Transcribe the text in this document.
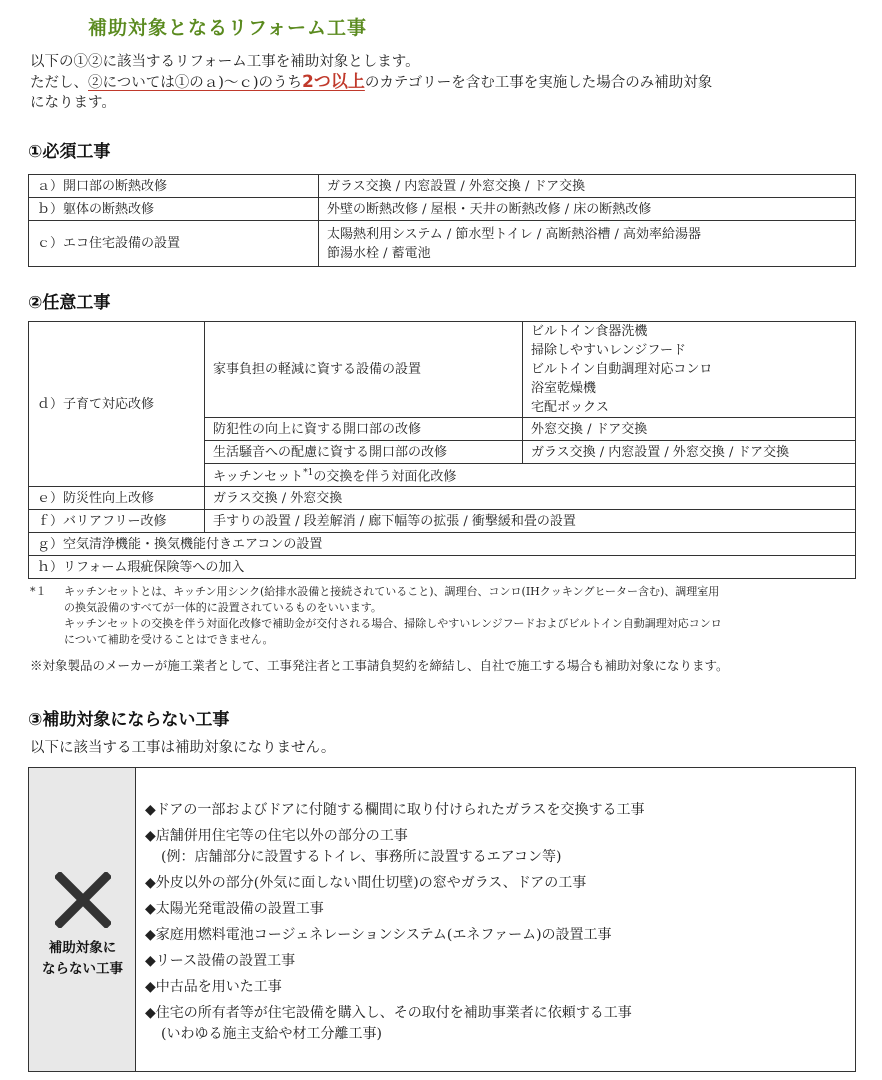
補助対象となるリフォーム工事
以下の①②に該当するリフォーム工事を補助対象とします。
ただし、②については①のａ)〜ｃ)のうち2つ以上のカテゴリーを含む工事を実施した場合のみ補助対象
になります。
①必須工事
ａ）開口部の断熱改修	ガラス交換 / 内窓設置 / 外窓交換 / ドア交換
ｂ）躯体の断熱改修	外壁の断熱改修 / 屋根・天井の断熱改修 / 床の断熱改修
ｃ）エコ住宅設備の設置	太陽熱利用システム / 節水型トイレ / 高断熱浴槽 / 高効率給湯器
節湯水栓 / 蓄電池
②任意工事
ｄ）子育て対応改修	家事負担の軽減に資する設備の設置	ビルトイン食器洗機
掃除しやすいレンジフード
ビルトイン自動調理対応コンロ
浴室乾燥機
宅配ボックス

	防犯性の向上に資する開口部の改修	外窓交換 / ドア交換
	生活騒音への配慮に資する開口部の改修	ガラス交換 / 内窓設置 / 外窓交換 / ドア交換
	キッチンセット$^{*1}$の交換を伴う対面化改修	
ｅ）防災性向上改修	ガラス交換 / 外窓交換	
ｆ）バリアフリー改修	手すりの設置 / 段差解消 / 廊下幅等の拡張 / 衝撃緩和畳の設置	
ｇ）空気清浄機能・換気機能付きエアコンの設置		
ｈ）リフォーム瑕疵保険等への加入		
*１ キッチンセットとは、キッチン用シンク(給排水設備と接続されていること)、調理台、コンロ(IHクッキングヒーター含む)、調理室用
の換気設備のすべてが一体的に設置されているものをいいます。
キッチンセットの交換を伴う対面化改修で補助金が交付される場合、掃除しやすいレンジフードおよびビルトイン自動調理対応コンロ
について補助を受けることはできません。
※対象製品のメーカーが施工業者として、工事発注者と工事請負契約を締結し、自社で施工する場合も補助対象になります。
③補助対象にならない工事
以下に該当する工事は補助対象になりません。
補助対象に
ならない工事
◆ドアの一部およびドアに付随する欄間に取り付けられたガラスを交換する工事
◆店舗併用住宅等の住宅以外の部分の工事
(例：店舗部分に設置するトイレ、事務所に設置するエアコン等)
◆外皮以外の部分(外気に面しない間仕切壁)の窓やガラス、ドアの工事
◆太陽光発電設備の設置工事
◆家庭用燃料電池コージェネレーションシステム(エネファーム)の設置工事
◆リース設備の設置工事
◆中古品を用いた工事
◆住宅の所有者等が住宅設備を購入し、その取付を補助事業者に依頼する工事
(いわゆる施主支給や材工分離工事)
